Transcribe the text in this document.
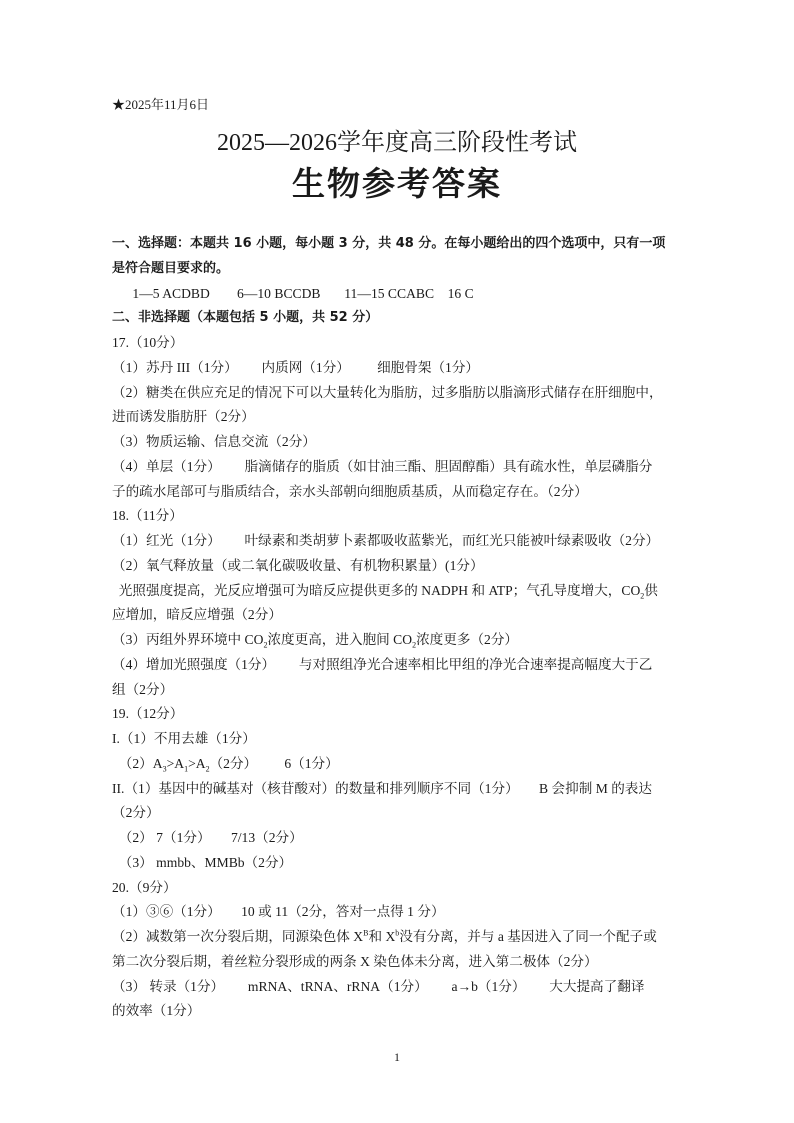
★2025年11月6日
2025—2026学年度高三阶段性考试
生物参考答案
一、选择题：本题共 16 小题，每小题 3 分，共 48 分。在每小题给出的四个选项中，只有一项
是符合题目要求的。
1—5 ACDBD        6—10 BCCDB       11—15 CCABC    16 C
二、非选择题（本题包括 5 小题，共 52 分）
17.（10分）
（1）苏丹 III（1分）       内质网（1分）        细胞骨架（1分）
（2）糖类在供应充足的情况下可以大量转化为脂肪，过多脂肪以脂滴形式储存在肝细胞中，
进而诱发脂肪肝（2分）
（3）物质运输、信息交流（2分）
（4）单层（1分）       脂滴储存的脂质（如甘油三酯、胆固醇酯）具有疏水性，单层磷脂分
子的疏水尾部可与脂质结合，亲水头部朝向细胞质基质，从而稳定存在。（2分）
18.（11分）
（1）红光（1分）       叶绿素和类胡萝卜素都吸收蓝紫光，而红光只能被叶绿素吸收（2分）
（2）氧气释放量（或二氧化碳吸收量、有机物积累量）(1分）
光照强度提高，光反应增强可为暗反应提供更多的 NADPH 和 ATP；气孔导度增大，$CO_2$供
应增加，暗反应增强（2分）
（3）丙组外界环境中 $CO_2$浓度更高，进入胞间 $CO_2$浓度更多（2分）
（4）增加光照强度（1分）       与对照组净光合速率相比甲组的净光合速率提高幅度大于乙
组（2分）
19.（12分）
I.（1）不用去雄（1分）
$(2)A_3>A_1>A_2(2$分）        6（1分）
II.（1）基因中的碱基对（核苷酸对）的数量和排列顺序不同（1分）      B 会抑制 M 的表达
（2分）
（2） 7（1分）      7/13（2分）
（3） mmbb、MMBb（2分）
20.（9分）
（1）③⑥（1分）      10 或 11（2分，答对一点得 1 分）
（2）减数第一次分裂后期，同源染色体 $X^B$和 $X^b$没有分离，并与 a 基因进入了同一个配子或
第二次分裂后期，着丝粒分裂形成的两条 X 染色体未分离，进入第二极体（2分）
（3） 转录（1分）       mRNA、tRNA、rRNA（1分）       a→b（1分）       大大提高了翻译
的效率（1分）
1
